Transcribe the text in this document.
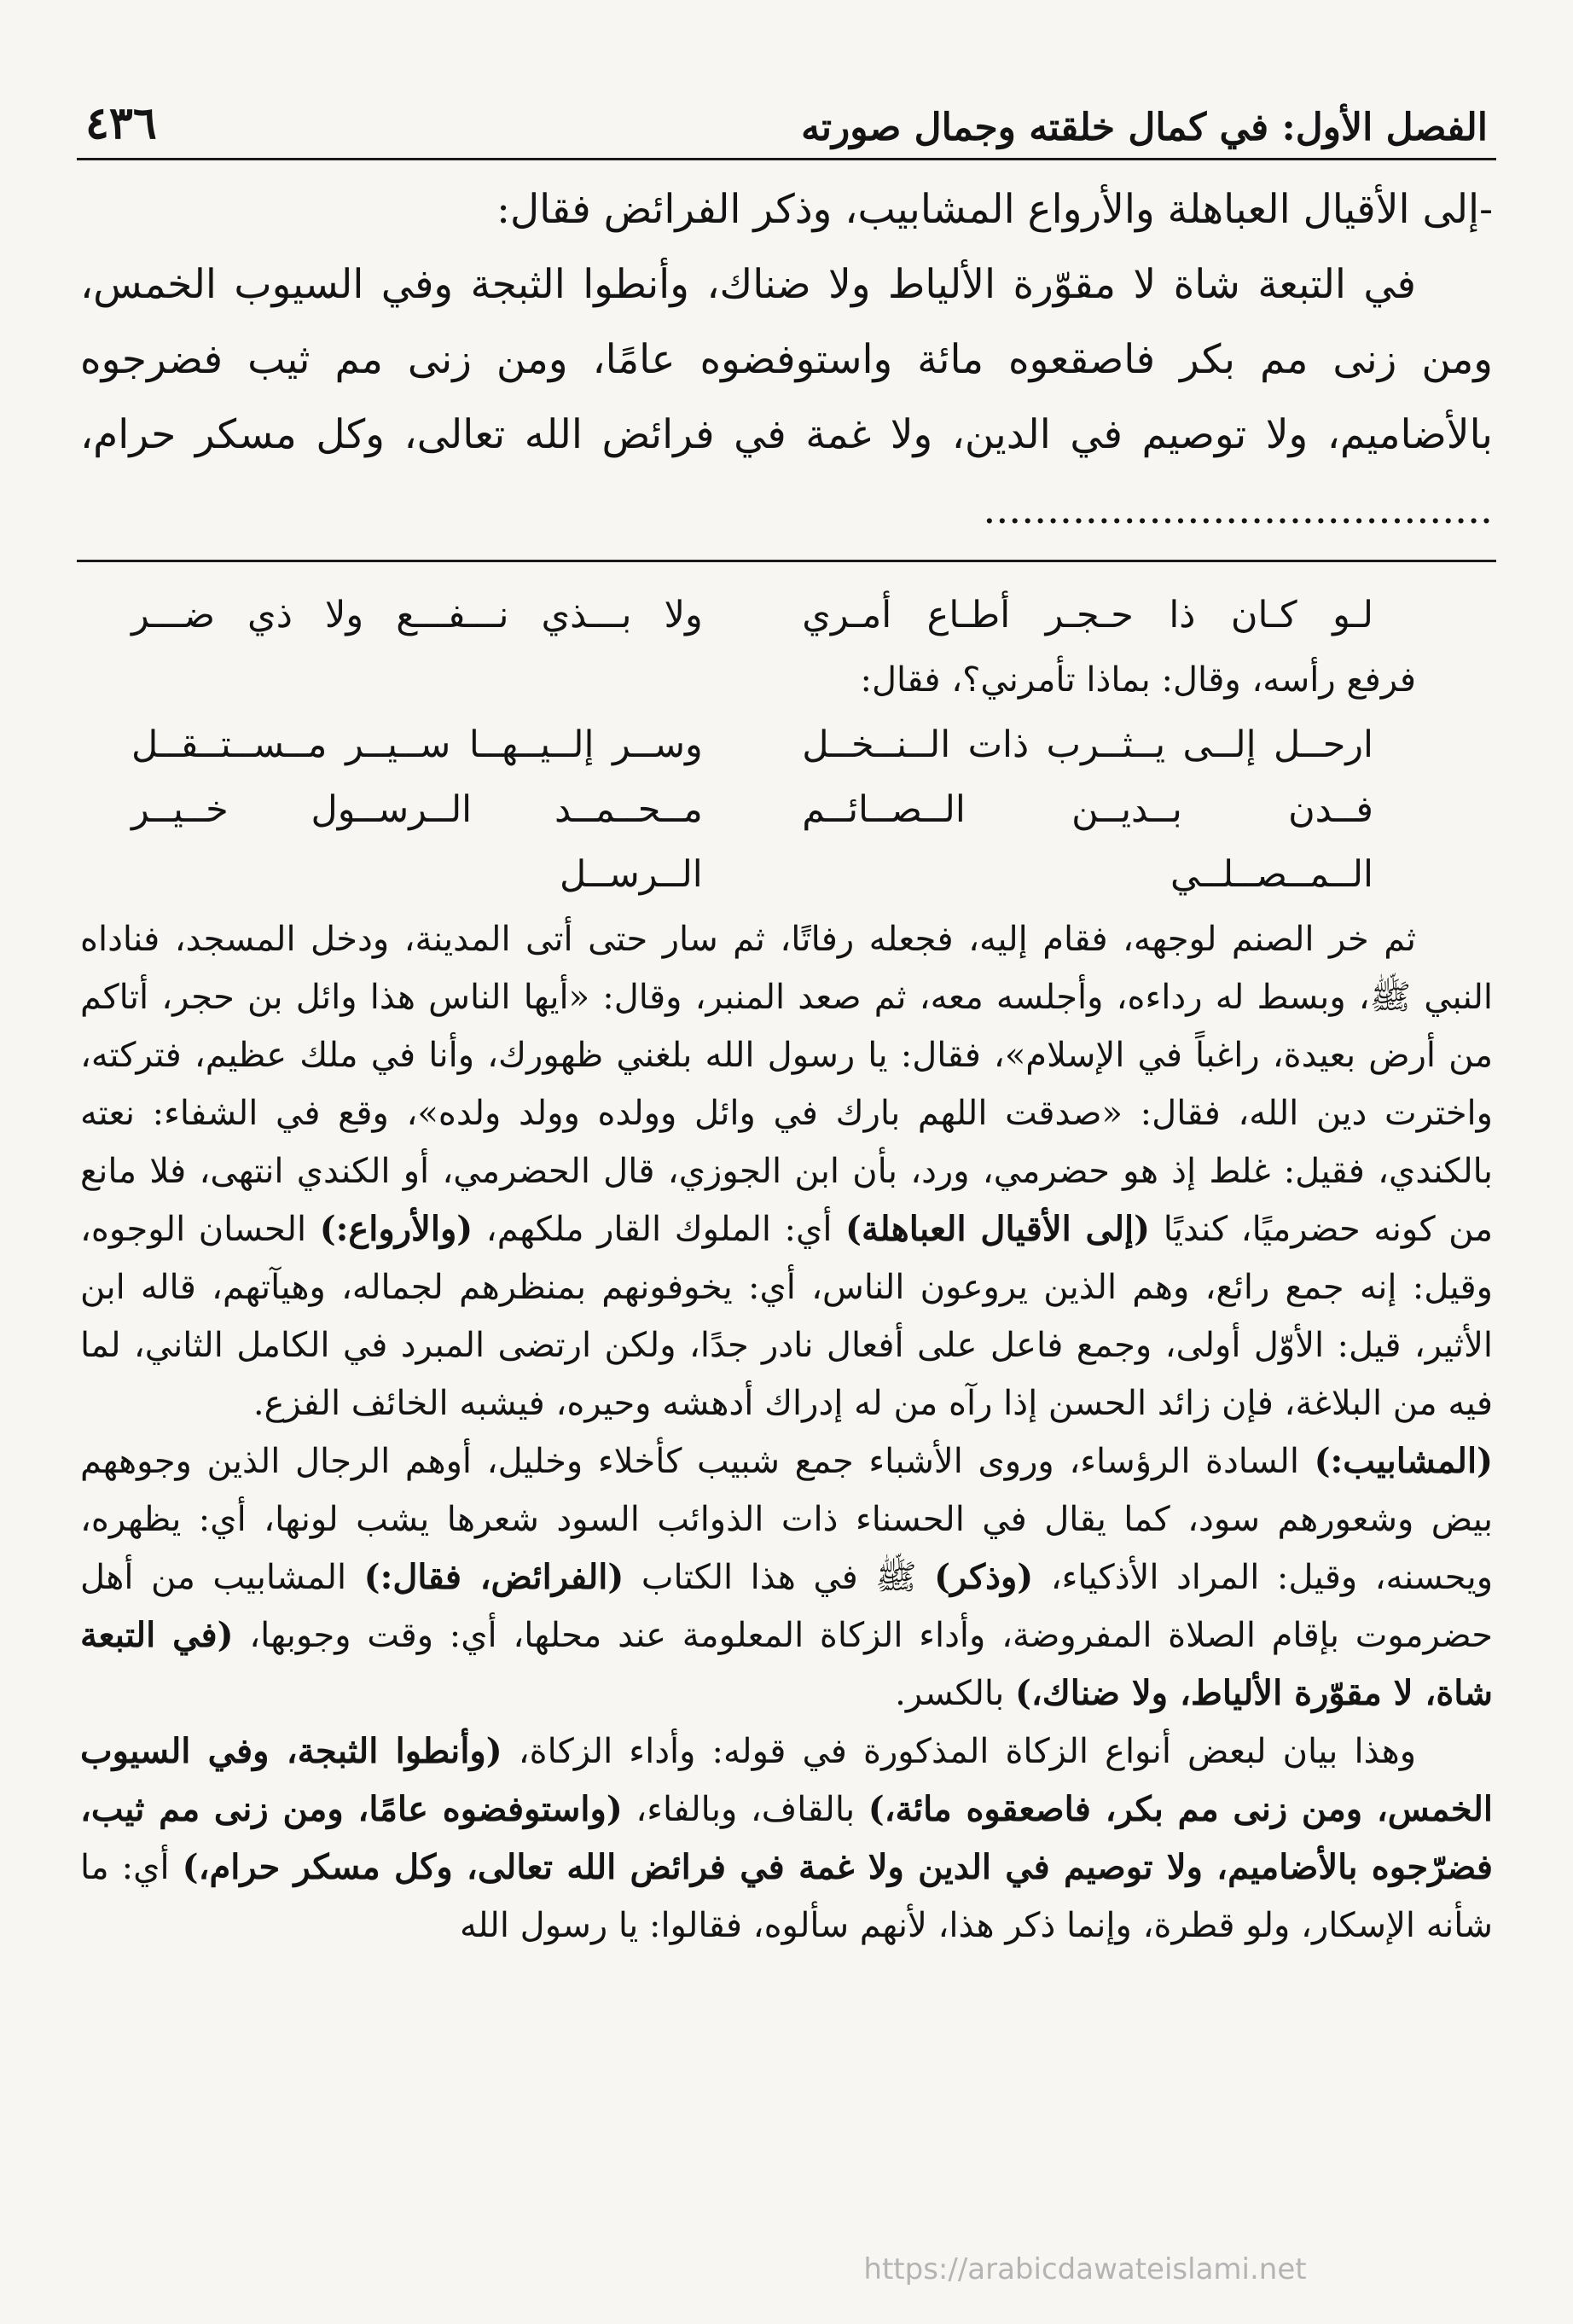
الفصل الأول: في كمال خلقته وجمال صورته
٤٣٦

-إلى الأقيال العباهلة والأرواع المشابيب، وذكر الفرائض فقال:

في التبعة شاة لا مقوّرة الألياط ولا ضناك، وأنطوا الثبجة وفي السيوب الخمس، ومن زنى مم بكر فاصقعوه مائة واستوفضوه عامًا، ومن زنى مم ثيب فضرجوه بالأضاميم، ولا توصيم في الدين، ولا غمة في فرائض الله تعالى، وكل مسكر حرام، ........................................

لـو كـان ذا حـجـر أطـاع أمـري
ولا بـــذي نـــفـــع ولا ذي ضـــر

فرفع رأسه، وقال: بماذا تأمرني؟، فقال:

ارحــل إلــى يــثــرب ذات الــنــخــل
وســر إلــيــهــا ســيــر مــســتــقــل
فــدن بــديــن الــصــائــم الــمــصــلــي
مــحــمــد الــرســول خــيــر الــرســل

ثم خر الصنم لوجهه، فقام إليه، فجعله رفاتًا، ثم سار حتى أتى المدينة، ودخل المسجد، فناداه النبي ﷺ، وبسط له رداءه، وأجلسه معه، ثم صعد المنبر، وقال: «أيها الناس هذا وائل بن حجر، أتاكم من أرض بعيدة، راغباً في الإسلام»، فقال: يا رسول الله بلغني ظهورك، وأنا في ملك عظيم، فتركته، واخترت دين الله، فقال: «صدقت اللهم بارك في وائل وولده وولد ولده»، وقع في الشفاء: نعته بالكندي، فقيل: غلط إذ هو حضرمي، ورد، بأن ابن الجوزي، قال الحضرمي، أو الكندي انتهى، فلا مانع من كونه حضرميًا، كنديًا (إلى الأقيال العباهلة) أي: الملوك القار ملكهم، (والأرواع:) الحسان الوجوه، وقيل: إنه جمع رائع، وهم الذين يروعون الناس، أي: يخوفونهم بمنظرهم لجماله، وهيآتهم، قاله ابن الأثير، قيل: الأوّل أولى، وجمع فاعل على أفعال نادر جدًا، ولكن ارتضى المبرد في الكامل الثاني، لما فيه من البلاغة، فإن زائد الحسن إذا رآه من له إدراك أدهشه وحيره، فيشبه الخائف الفزع.

(المشابيب:) السادة الرؤساء، وروى الأشباء جمع شبيب كأخلاء وخليل، أوهم الرجال الذين وجوههم بيض وشعورهم سود، كما يقال في الحسناء ذات الذوائب السود شعرها يشب لونها، أي: يظهره، ويحسنه، وقيل: المراد الأذكياء، (وذكر) ﷺ في هذا الكتاب (الفرائض، فقال:) المشابيب من أهل حضرموت بإقام الصلاة المفروضة، وأداء الزكاة المعلومة عند محلها، أي: وقت وجوبها، (في التبعة شاة، لا مقوّرة الألياط، ولا ضناك،) بالكسر.

وهذا بيان لبعض أنواع الزكاة المذكورة في قوله: وأداء الزكاة، (وأنطوا الثبجة، وفي السيوب الخمس، ومن زنى مم بكر، فاصعقوه مائة،) بالقاف، وبالفاء، (واستوفضوه عامًا، ومن زنى مم ثيب، فضرّجوه بالأضاميم، ولا توصيم في الدين ولا غمة في فرائض الله تعالى، وكل مسكر حرام،) أي: ما شأنه الإسكار، ولو قطرة، وإنما ذكر هذا، لأنهم سألوه، فقالوا: يا رسول الله

https://arabicdawateislami.net
